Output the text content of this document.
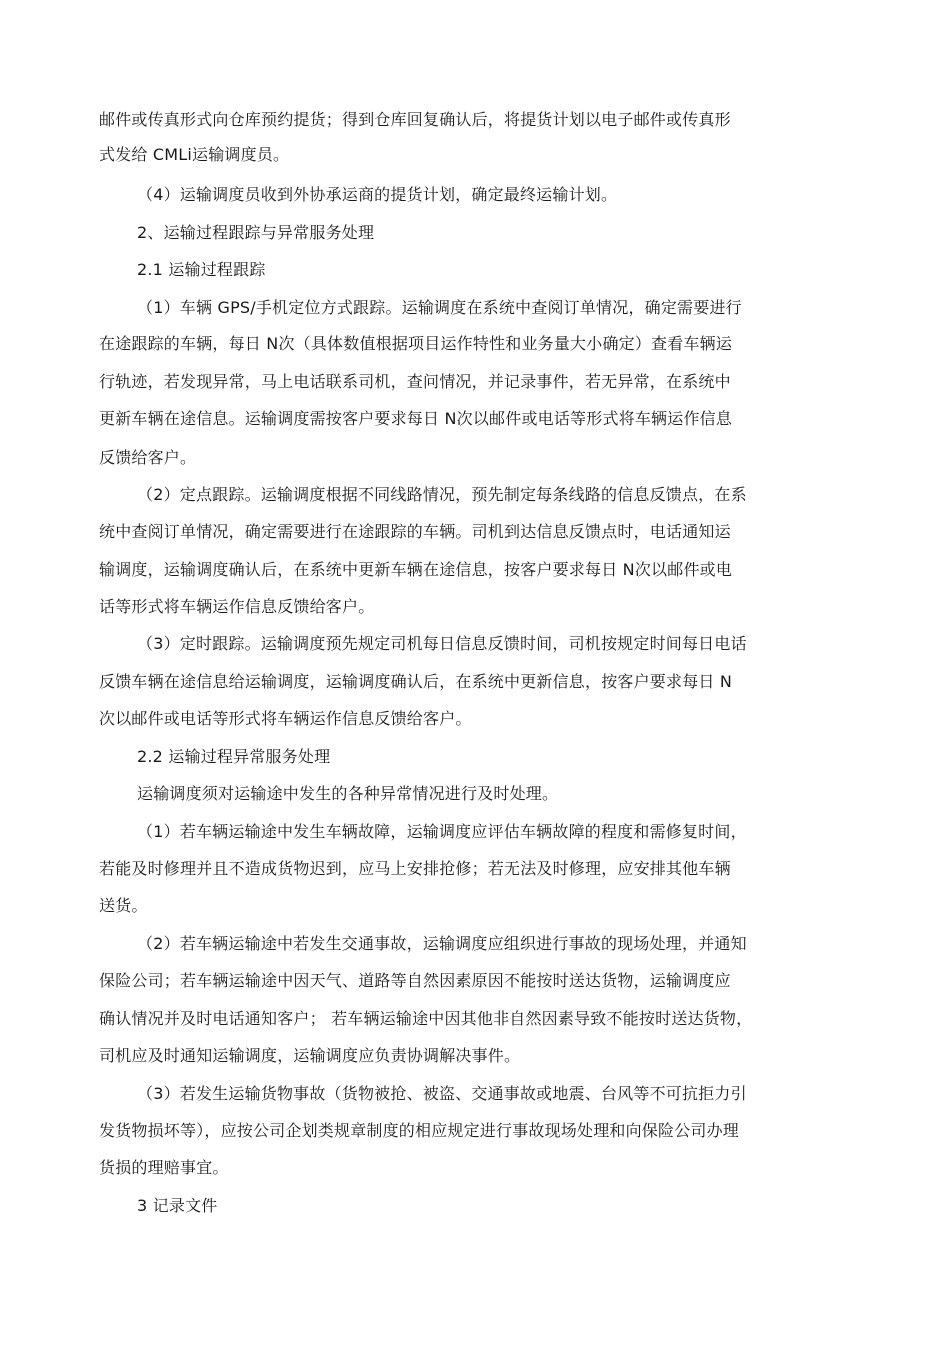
邮件或传真形式向仓库预约提货；得到仓库回复确认后，将提货计划以电子邮件或传真形
式发给 CMLi运输调度员。
（4）运输调度员收到外协承运商的提货计划，确定最终运输计划。
2、运输过程跟踪与异常服务处理
2.1 运输过程跟踪
（1）车辆 GPS/手机定位方式跟踪。运输调度在系统中查阅订单情况，确定需要进行
在途跟踪的车辆，每日 N次（具体数值根据项目运作特性和业务量大小确定）查看车辆运
行轨迹，若发现异常，马上电话联系司机，查问情况，并记录事件，若无异常，在系统中
更新车辆在途信息。运输调度需按客户要求每日 N次以邮件或电话等形式将车辆运作信息
反馈给客户。
（2）定点跟踪。运输调度根据不同线路情况，预先制定每条线路的信息反馈点，在系
统中查阅订单情况，确定需要进行在途跟踪的车辆。司机到达信息反馈点时，电话通知运
输调度，运输调度确认后，在系统中更新车辆在途信息，按客户要求每日 N次以邮件或电
话等形式将车辆运作信息反馈给客户。
（3）定时跟踪。运输调度预先规定司机每日信息反馈时间，司机按规定时间每日电话
反馈车辆在途信息给运输调度，运输调度确认后，在系统中更新信息，按客户要求每日 N
次以邮件或电话等形式将车辆运作信息反馈给客户。
2.2 运输过程异常服务处理
运输调度须对运输途中发生的各种异常情况进行及时处理。
（1）若车辆运输途中发生车辆故障，运输调度应评估车辆故障的程度和需修复时间，
若能及时修理并且不造成货物迟到，应马上安排抢修；若无法及时修理，应安排其他车辆
送货。
（2）若车辆运输途中若发生交通事故，运输调度应组织进行事故的现场处理，并通知
保险公司；若车辆运输途中因天气、道路等自然因素原因不能按时送达货物，运输调度应
确认情况并及时电话通知客户； 若车辆运输途中因其他非自然因素导致不能按时送达货物，
司机应及时通知运输调度，运输调度应负责协调解决事件。
（3）若发生运输货物事故（货物被抢、被盗、交通事故或地震、台风等不可抗拒力引
发货物损坏等），应按公司企划类规章制度的相应规定进行事故现场处理和向保险公司办理
货损的理赔事宜。
3 记录文件
